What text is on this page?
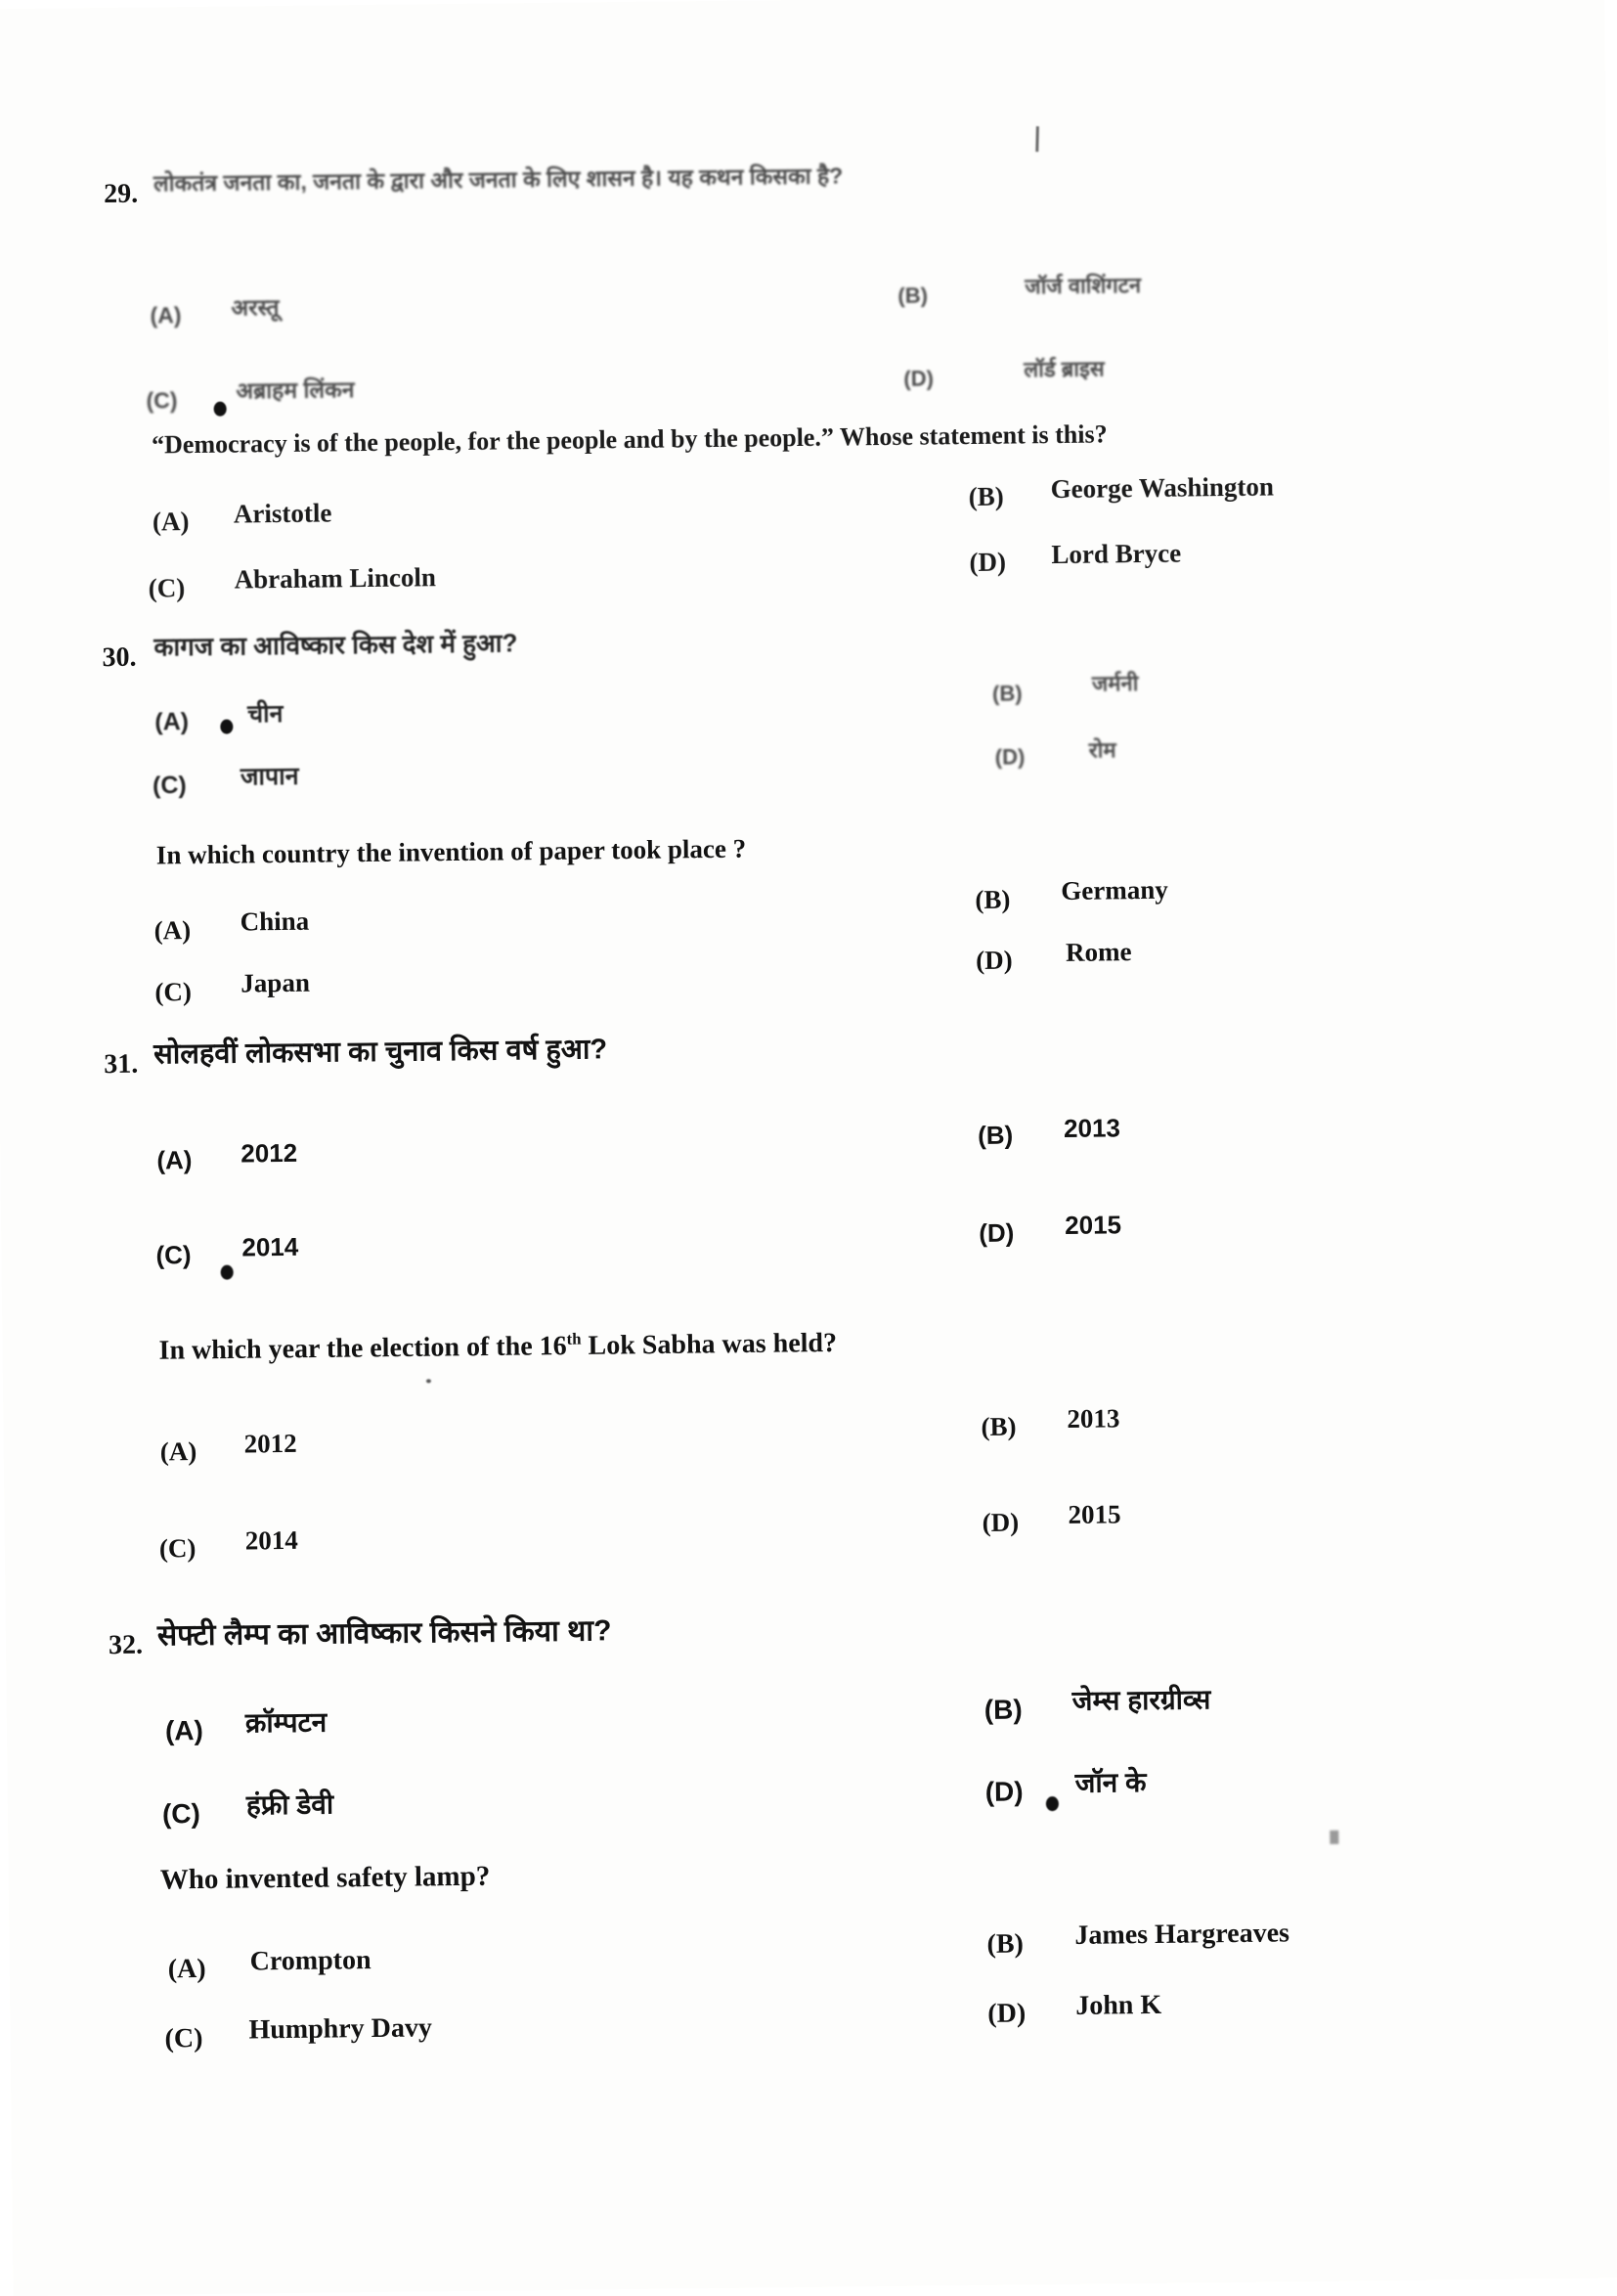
29. लोकतंत्र जनता का, जनता के द्वारा और जनता के लिए शासन है। यह कथन किसका है?
(A) अरस्तू	(B)	जॉर्ज वाशिंगटन
(C)	अब्राहम लिंकन	(D)	लॉर्ड ब्राइस
“Democracy is of the people, for the people and by the people.” Whose statement is this?
(A) Aristotle
(B) George Washington
(C) Abraham Lincoln
(D) Lord Bryce
30. कागज का आविष्कार किस देश में हुआ?
(A) चीन
(B)	जर्मनी
(C) जापान
(D)	रोम
In which country the invention of paper took place ?
(A) China
(B) Germany
(C) Japan
(D) Rome
31. सोलहवीं लोकसभा का चुनाव किस वर्ष हुआ?
(A) 2012
(B) 2013
(C) 2014	(D) 2015
In which year the election of the 16th Lok Sabha was held?
(A) 2012
(B) 2013
(C) 2014
(D) 2015
32. सेफ्टी लैम्प का आविष्कार किसने किया था?
(A) क्रॉम्पटन	(B) जेम्स हारग्रीव्स
(C) हंफ्री डेवी	(D) जॉन के
Who invented safety lamp?
(A) Crompton
(B) James Hargreaves
(C) Humphry Davy	(D) John K
